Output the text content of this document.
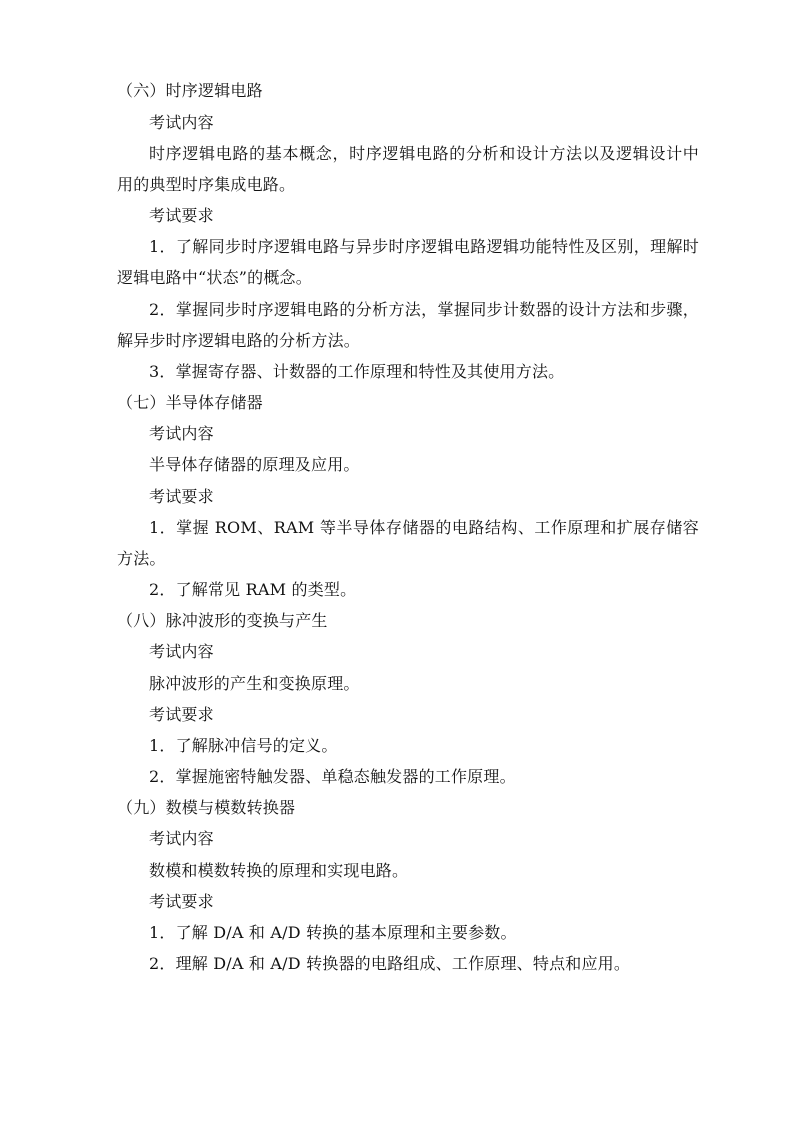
（六）时序逻辑电路
考试内容
时序逻辑电路的基本概念，时序逻辑电路的分析和设计方法以及逻辑设计中
用的典型时序集成电路。
考试要求
1．了解同步时序逻辑电路与异步时序逻辑电路逻辑功能特性及区别，理解时
逻辑电路中“状态”的概念。
2．掌握同步时序逻辑电路的分析方法，掌握同步计数器的设计方法和步骤，
解异步时序逻辑电路的分析方法。
3．掌握寄存器、计数器的工作原理和特性及其使用方法。
（七）半导体存储器
考试内容
半导体存储器的原理及应用。
考试要求
1．掌握 ROM、RAM 等半导体存储器的电路结构、工作原理和扩展存储容
方法。
2．了解常见 RAM 的类型。
（八）脉冲波形的变换与产生
考试内容
脉冲波形的产生和变换原理。
考试要求
1．了解脉冲信号的定义。
2．掌握施密特触发器、单稳态触发器的工作原理。
（九）数模与模数转换器
考试内容
数模和模数转换的原理和实现电路。
考试要求
1．了解 D/A 和 A/D 转换的基本原理和主要参数。
2．理解 D/A 和 A/D 转换器的电路组成、工作原理、特点和应用。
